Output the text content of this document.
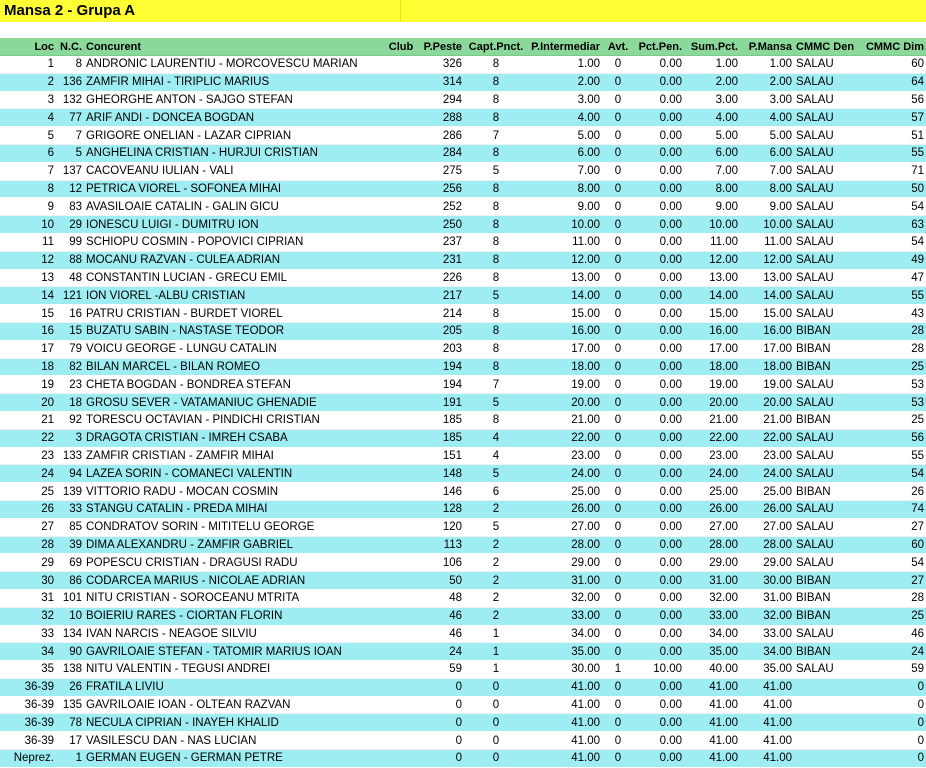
Mansa 2 - Grupa A
Loc	N.C.	Concurent	Club	P.Peste	Capt.Pnct.	P.Intermediar	Avt.	Pct.Pen.	Sum.Pct.	P.Mansa	CMMC Den	CMMC Dim
1	8	ANDRONIC LAURENTIU - MORCOVESCU MARIAN		326	8	1.00	0	0.00	1.00	1.00	SALAU	60
2	136	ZAMFIR MIHAI - TIRIPLIC MARIUS		314	8	2.00	0	0.00	2.00	2.00	SALAU	64
3	132	GHEORGHE ANTON - SAJGO STEFAN		294	8	3.00	0	0.00	3.00	3.00	SALAU	56
4	77	ARIF ANDI - DONCEA BOGDAN		288	8	4.00	0	0.00	4.00	4.00	SALAU	57
5	7	GRIGORE ONELIAN - LAZAR CIPRIAN		286	7	5.00	0	0.00	5.00	5.00	SALAU	51
6	5	ANGHELINA CRISTIAN - HURJUI CRISTIAN		284	8	6.00	0	0.00	6.00	6.00	SALAU	55
7	137	CACOVEANU IULIAN - VALI		275	5	7.00	0	0.00	7.00	7.00	SALAU	71
8	12	PETRICA VIOREL - SOFONEA MIHAI		256	8	8.00	0	0.00	8.00	8.00	SALAU	50
9	83	AVASILOAIE CATALIN - GALIN GICU		252	8	9.00	0	0.00	9.00	9.00	SALAU	54
10	29	IONESCU LUIGI - DUMITRU ION		250	8	10.00	0	0.00	10.00	10.00	SALAU	63
11	99	SCHIOPU COSMIN - POPOVICI CIPRIAN		237	8	11.00	0	0.00	11.00	11.00	SALAU	54
12	88	MOCANU RAZVAN - CULEA ADRIAN		231	8	12.00	0	0.00	12.00	12.00	SALAU	49
13	48	CONSTANTIN LUCIAN - GRECU EMIL		226	8	13.00	0	0.00	13.00	13.00	SALAU	47
14	121	ION VIOREL -ALBU CRISTIAN		217	5	14.00	0	0.00	14.00	14.00	SALAU	55
15	16	PATRU CRISTIAN - BURDET VIOREL		214	8	15.00	0	0.00	15.00	15.00	SALAU	43
16	15	BUZATU SABIN - NASTASE TEODOR		205	8	16.00	0	0.00	16.00	16.00	BIBAN	28
17	79	VOICU GEORGE - LUNGU CATALIN		203	8	17.00	0	0.00	17.00	17.00	BIBAN	28
18	82	BILAN MARCEL - BILAN ROMEO		194	8	18.00	0	0.00	18.00	18.00	BIBAN	25
19	23	CHETA BOGDAN - BONDREA STEFAN		194	7	19.00	0	0.00	19.00	19.00	SALAU	53
20	18	GROSU SEVER - VATAMANIUC GHENADIE		191	5	20.00	0	0.00	20.00	20.00	SALAU	53
21	92	TORESCU OCTAVIAN - PINDICHI CRISTIAN		185	8	21.00	0	0.00	21.00	21.00	BIBAN	25
22	3	DRAGOTA CRISTIAN - IMREH CSABA		185	4	22.00	0	0.00	22.00	22.00	SALAU	56
23	133	ZAMFIR CRISTIAN - ZAMFIR MIHAI		151	4	23.00	0	0.00	23.00	23.00	SALAU	55
24	94	LAZEA SORIN - COMANECI VALENTIN		148	5	24.00	0	0.00	24.00	24.00	SALAU	54
25	139	VITTORIO RADU - MOCAN COSMIN		146	6	25.00	0	0.00	25.00	25.00	BIBAN	26
26	33	STANGU CATALIN - PREDA MIHAI		128	2	26.00	0	0.00	26.00	26.00	SALAU	74
27	85	CONDRATOV SORIN - MITITELU GEORGE		120	5	27.00	0	0.00	27.00	27.00	SALAU	27
28	39	DIMA ALEXANDRU - ZAMFIR GABRIEL		113	2	28.00	0	0.00	28.00	28.00	SALAU	60
29	69	POPESCU CRISTIAN - DRAGUSI RADU		106	2	29.00	0	0.00	29.00	29.00	SALAU	54
30	86	CODARCEA MARIUS - NICOLAE ADRIAN		50	2	31.00	0	0.00	31.00	30.00	BIBAN	27
31	101	NITU CRISTIAN - SOROCEANU MTRITA		48	2	32.00	0	0.00	32.00	31.00	BIBAN	28
32	10	BOIERIU RARES - CIORTAN FLORIN		46	2	33.00	0	0.00	33.00	32.00	BIBAN	25
33	134	IVAN NARCIS - NEAGOE SILVIU		46	1	34.00	0	0.00	34.00	33.00	SALAU	46
34	90	GAVRILOAIE STEFAN - TATOMIR MARIUS IOAN		24	1	35.00	0	0.00	35.00	34.00	BIBAN	24
35	138	NITU VALENTIN - TEGUSI ANDREI		59	1	30.00	1	10.00	40.00	35.00	SALAU	59
36-39	26	FRATILA LIVIU		0	0	41.00	0	0.00	41.00	41.00		0
36-39	135	GAVRILOAIE IOAN - OLTEAN RAZVAN		0	0	41.00	0	0.00	41.00	41.00		0
36-39	78	NECULA CIPRIAN - INAYEH KHALID		0	0	41.00	0	0.00	41.00	41.00		0
36-39	17	VASILESCU DAN - NAS LUCIAN		0	0	41.00	0	0.00	41.00	41.00		0
Neprez.	1	GERMAN EUGEN - GERMAN PETRE		0	0	41.00	0	0.00	41.00	41.00		0
